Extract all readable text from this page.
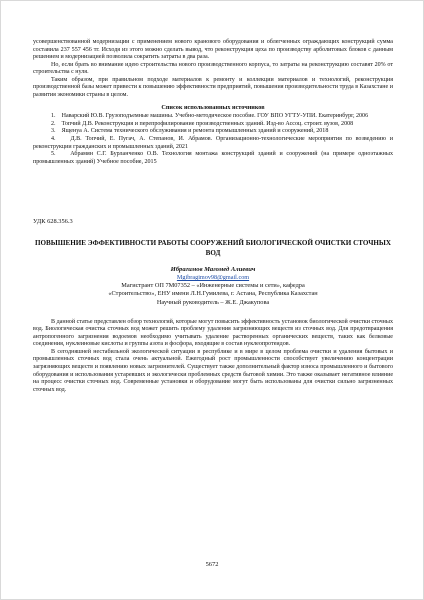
усовершенствованной модернизации с применением нового кранового оборудования и облегченных ограждающих конструкций сумма составила 237 557 456 тг. Исходя из этого можно сделать вывод, что реконструкция цеха по производству арболитовых блоков с данным решением и модернизацией позволила сократить затраты в два раза.

Но, если брать во внимание идею строительства нового производственного корпуса, то затраты на реконструкцию составят 20% от строительства с нуля.

Таким образом, при правильном подходе материалов к ремонту и коллекции материалов и технологий, реконструкция производственной базы может привести к повышению эффективности предприятий, повышения производительности труда в Казахстане и развития экономики страны в целом.

Список использованных источников

1.    Наварский Ю.В. Грузоподъемные машины. Учебно-методическое пособие. ГОУ ВПО УГТУ-УПИ. Екатеринбург, 2006

2.    Топчий Д.В. Реконструкция и перепрофилирование производственных зданий. Изд-во Ассоц. строит. вузов, 2008

3.    Ященуа А. Система технического обслуживания и ремонта промышленных зданий и сооружений, 2018

4.    Д.В. Топчий, Е. Пугач, А. Степанов, И. Абрамов. Организационно-технологические мероприятия по возведению и реконструкции гражданских и промышленных зданий, 2021

5.    Абрамян С.Г. Бурланченко О.В. Технология монтажа конструкций зданий и сооружений (на примере одноэтажных промышленных зданий) Учебное пособие, 2015

УДК 628.356.3
ПОВЫШЕНИЕ ЭФФЕКТИВНОСТИ РАБОТЫ СООРУЖЕНИЙ БИОЛОГИЧЕСКОЙ ОЧИСТКИ СТОЧНЫХ ВОД
Ибрагимов Магомед Алиевич
Mgibragimov98@gmail.com
Магистрант ОП 7М07352 – «Инженерные системы и сети», кафедра
«Строительство», ЕНУ имени Л.Н.Гумилева, г. Астана, Республика Казахстан
Научный руководитель – Ж.Е. Джакупова

В данной статье представлен обзор технологий, которые могут повысить эффективность установок биологической очистки сточных вод. Биологическая очистка сточных вод может решить проблему удаления загрязняющих веществ из сточных вод. Для предотвращения антропогенного загрязнения водоемов необходимо учитывать удаление растворенных органических веществ, таких как белковые соединения, нуклеиновые кислоты и группы азота и фосфора, входящие в состав нуклеопротеидов.

В сегодняшней нестабильной экологической ситуации в республике и в мире в целом проблема очистки и удаления бытовых и промышленных сточных вод стала очень актуальной. Ежегодный рост промышленности способствует увеличению концентрации загрязняющих веществ и появлению новых загрязнителей. Существует также дополнительный фактор износа промышленного и бытового оборудования и использования устаревших и экологически проблемных средств бытовой химии. Это также оказывает негативное влияние на процесс очистки сточных вод. Современные установки и оборудование могут быть использованы для очистки сильно загрязненных сточных вод.

5672
